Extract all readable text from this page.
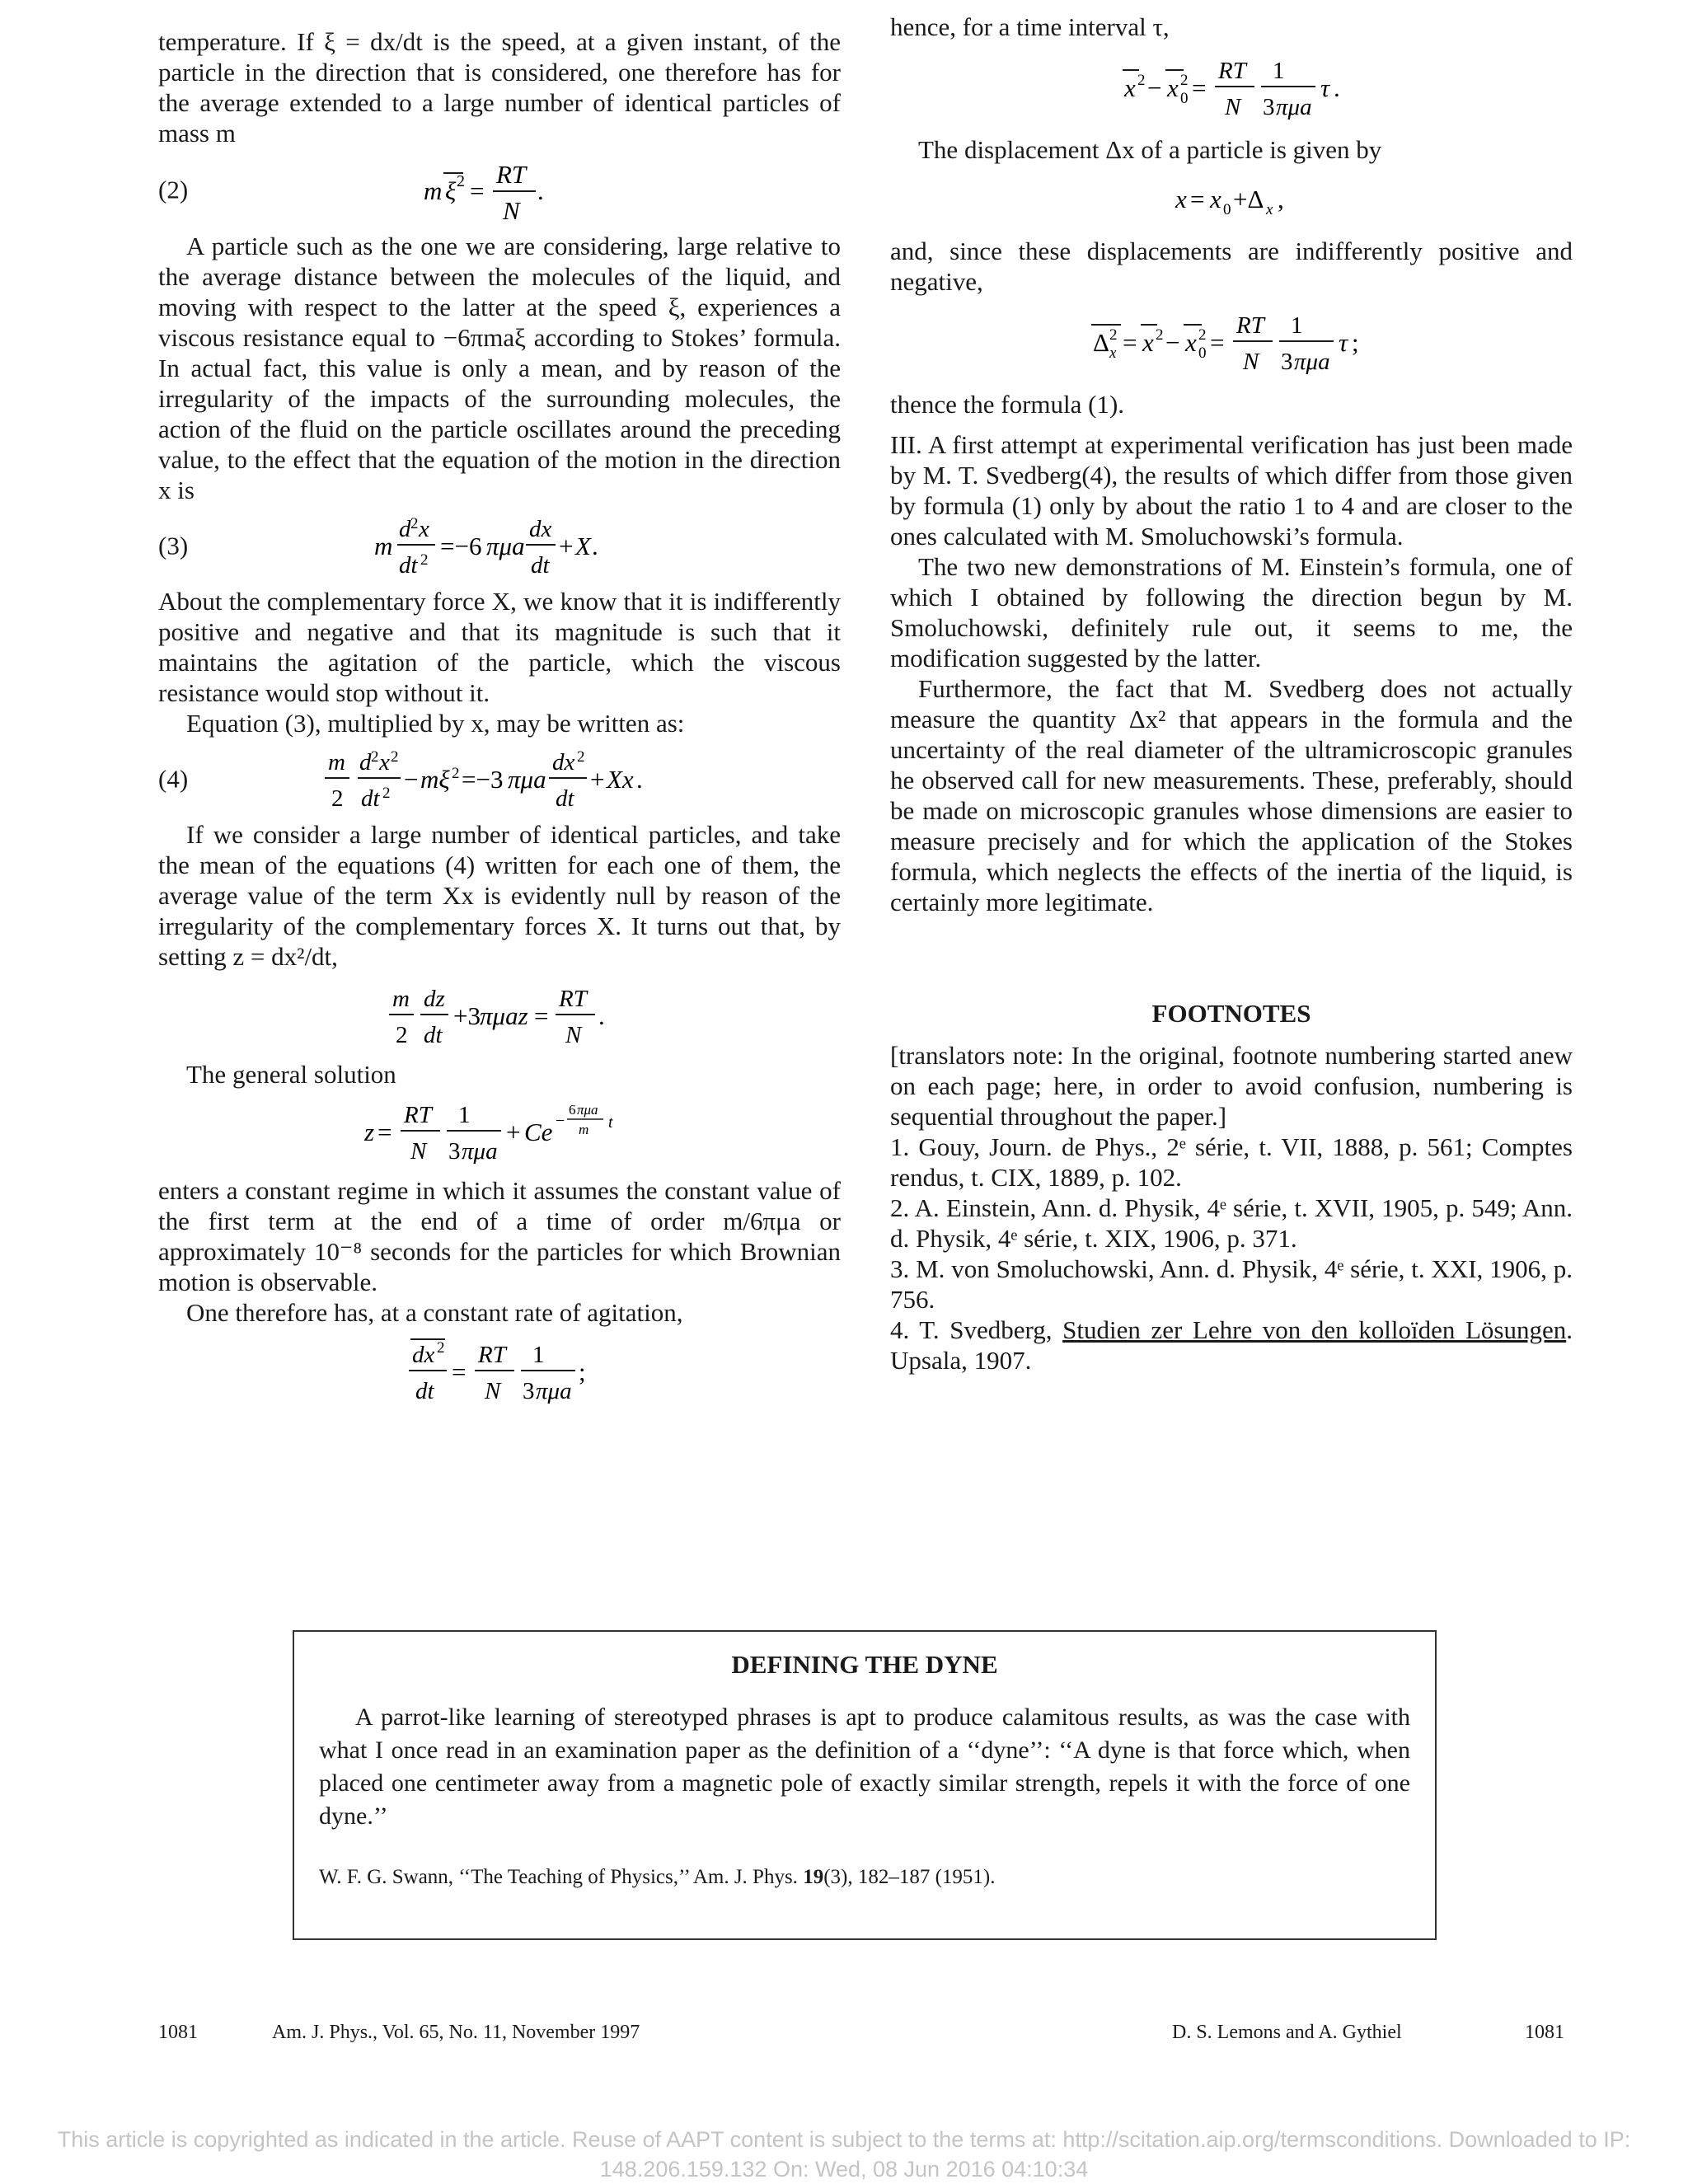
temperature. If ξ = dx/dt is the speed, at a given instant, of the particle in the direction that is considered, one therefore has for the average extended to a large number of identical particles of mass m

(2)	m ξ 2 =
RT
N
.

A particle such as the one we are considering, large relative to the average distance between the molecules of the liquid, and moving with respect to the latter at the speed ξ, experiences a viscous resistance equal to −6πmaξ according to Stokes’ formula. In actual fact, this value is only a mean, and by reason of the irregularity of the impacts of the surrounding molecules, the action of the fluid on the particle oscillates around the preceding value, to the effect that the equation of the motion in the direction x is

(3)	m
d 2 x
dt 2 =−6 πμa
dx
dt
+ X .

About the complementary force X, we know that it is indifferently positive and negative and that its magnitude is such that it maintains the agitation of the particle, which the viscous resistance would stop without it.

Equation (3), multiplied by x, may be written as:

(4)
m
2
d 2 x 2
dt 2 − mξ 2 =−3 πμa
dx 2
dt
+ Xx .

If we consider a large number of identical particles, and take the mean of the equations (4) written for each one of them, the average value of the term Xx is evidently null by reason of the irregularity of the complementary forces X. It turns out that, by setting z = dx²/dt,

m
2
dz
dt
+3 πμaz =
RT
N
.

The general solution

z =
RT
N
1
3 πμa
+ Ce −
6 πμa
m t

enters a constant regime in which it assumes the constant value of the first term at the end of a time of order m/6πμa or approximately 10⁻⁸ seconds for the particles for which Brownian motion is observable.

One therefore has, at a constant rate of agitation,

dx 2
dt
=
RT
N
1
3 πμa
;

hence, for a time interval τ,

x 2 − x 2
0 =
RT
N
1
3 πμa
τ .

The displacement Δx of a particle is given by

x = x 0 +Δ x ,

and, since these displacements are indifferently positive and negative,

Δ 2
x = x 2 − x 2
0 =
RT
N
1
3 πμa
τ ;

thence the formula (1).

III. A first attempt at experimental verification has just been made by M. T. Svedberg(4), the results of which differ from those given by formula (1) only by about the ratio 1 to 4 and are closer to the ones calculated with M. Smoluchowski’s formula.

The two new demonstrations of M. Einstein’s formula, one of which I obtained by following the direction begun by M. Smoluchowski, definitely rule out, it seems to me, the modification suggested by the latter.

Furthermore, the fact that M. Svedberg does not actually measure the quantity Δx² that appears in the formula and the uncertainty of the real diameter of the ultramicroscopic granules he observed call for new measurements. These, preferably, should be made on microscopic granules whose dimensions are easier to measure precisely and for which the application of the Stokes formula, which neglects the effects of the inertia of the liquid, is certainly more legitimate.

FOOTNOTES

[translators note: In the original, footnote numbering started anew on each page; here, in order to avoid confusion, numbering is sequential throughout the paper.]

1. Gouy, Journ. de Phys., 2ᵉ série, t. VII, 1888, p. 561; Comptes rendus, t. CIX, 1889, p. 102.

2. A. Einstein, Ann. d. Physik, 4ᵉ série, t. XVII, 1905, p. 549; Ann. d. Physik, 4ᵉ série, t. XIX, 1906, p. 371.

3. M. von Smoluchowski, Ann. d. Physik, 4ᵉ série, t. XXI, 1906, p. 756.

4. T. Svedberg, Studien zer Lehre von den kolloïden Lösungen. Upsala, 1907.

DEFINING THE DYNE
A parrot-like learning of stereotyped phrases is apt to produce calamitous results, as was the case with what I once read in an examination paper as the definition of a ‘‘dyne’’: ‘‘A dyne is that force which, when placed one centimeter away from a magnetic pole of exactly similar strength, repels it with the force of one dyne.’’
W. F. G. Swann, ‘‘The Teaching of Physics,’’ Am. J. Phys. 19(3), 182–187 (1951).
1081	Am. J. Phys., Vol. 65, No. 11, November 1997	D. S. Lemons and A. Gythiel	1081
This article is copyrighted as indicated in the article. Reuse of AAPT content is subject to the terms at: http://scitation.aip.org/termsconditions. Downloaded to IP:
148.206.159.132 On: Wed, 08 Jun 2016 04:10:34
